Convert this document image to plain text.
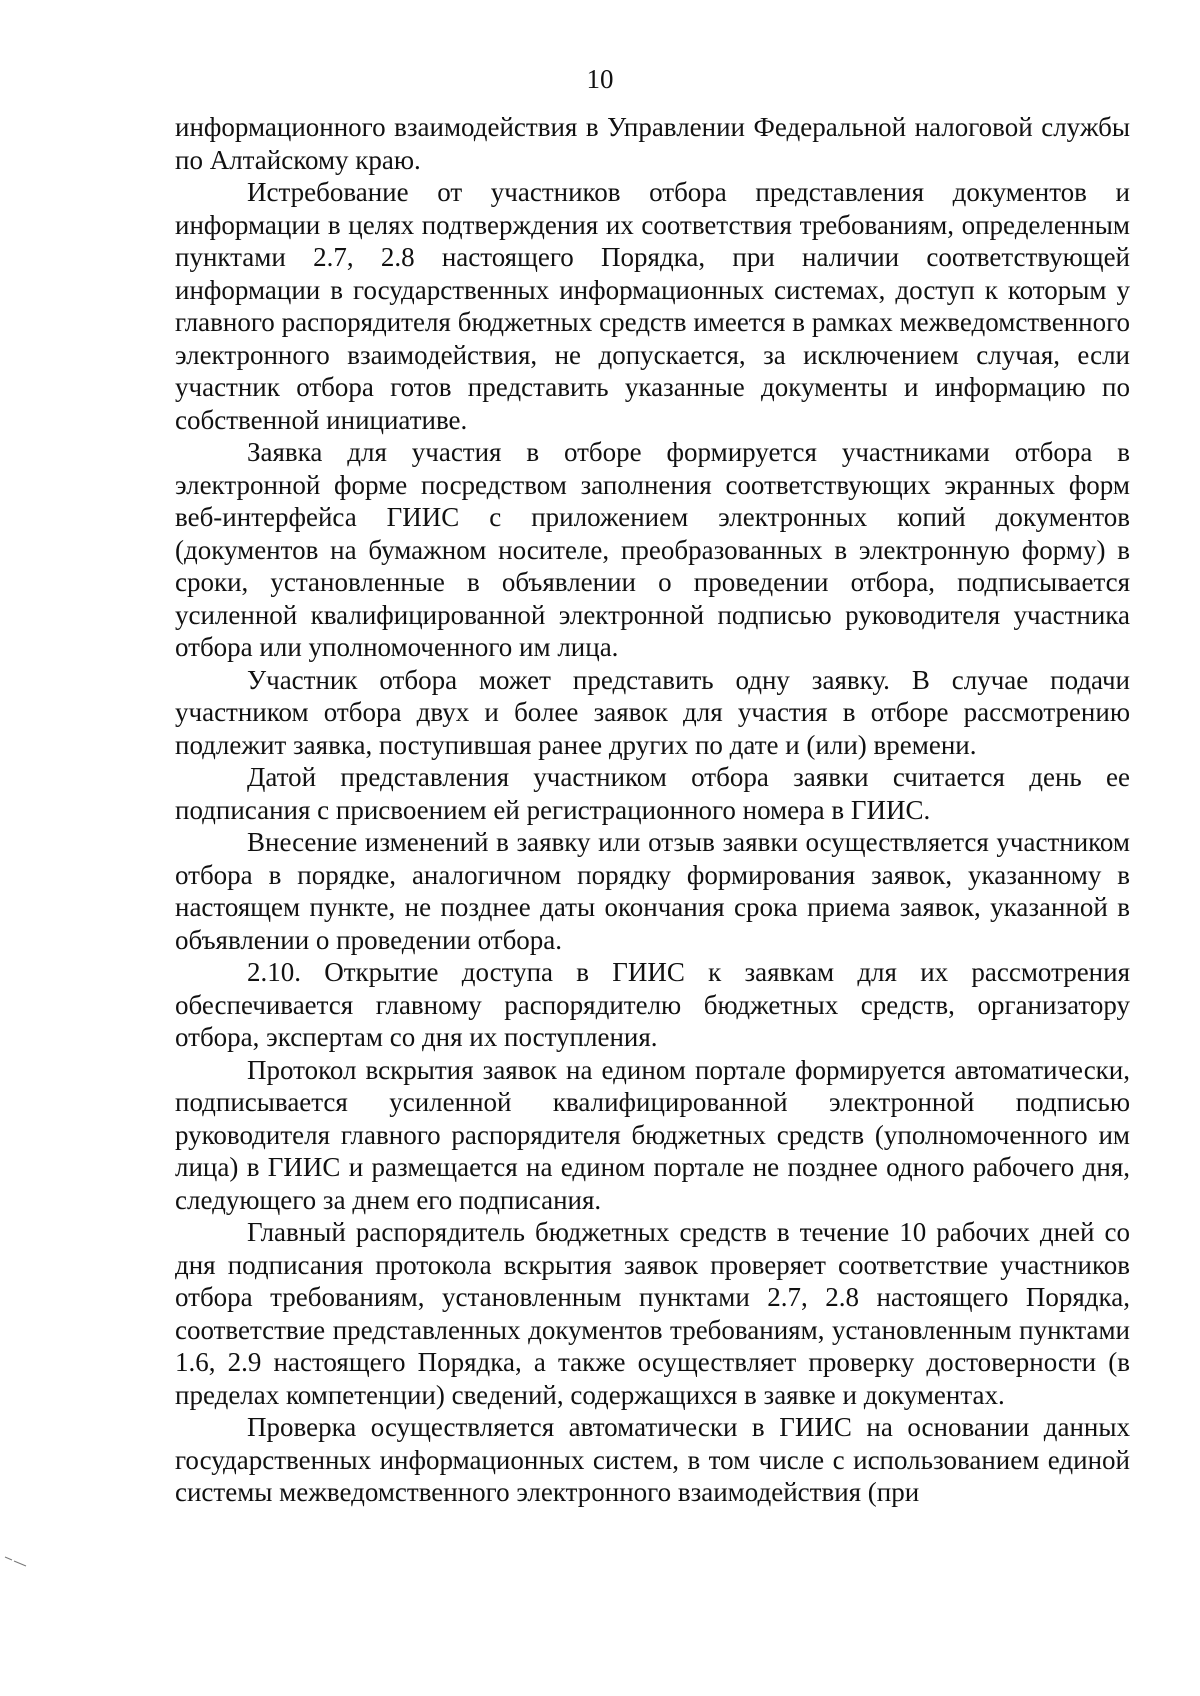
10

информационного взаимодействия в Управлении Федеральной налоговой службы по Алтайскому краю.

Истребование от участников отбора представления документов и информации в целях подтверждения их соответствия требованиям, определенным пунктами 2.7, 2.8 настоящего Порядка, при наличии соответствующей информации в государственных информационных системах, доступ к которым у главного распорядителя бюджетных средств имеется в рамках межведомственного электронного взаимодействия, не допускается, за исключением случая, если участник отбора готов представить указанные документы и информацию по собственной инициативе.

Заявка для участия в отборе формируется участниками отбора в электронной форме посредством заполнения соответствующих экранных форм веб-интерфейса ГИИС с приложением электронных копий документов (документов на бумажном носителе, преобразованных в электронную форму) в сроки, установленные в объявлении о проведении отбора, подписывается усиленной квалифицированной электронной подписью руководителя участника отбора или уполномоченного им лица.

Участник отбора может представить одну заявку. В случае подачи участником отбора двух и более заявок для участия в отборе рассмотрению подлежит заявка, поступившая ранее других по дате и (или) времени.

Датой представления участником отбора заявки считается день ее подписания с присвоением ей регистрационного номера в ГИИС.

Внесение изменений в заявку или отзыв заявки осуществляется участником отбора в порядке, аналогичном порядку формирования заявок, указанному в настоящем пункте, не позднее даты окончания срока приема заявок, указанной в объявлении о проведении отбора.

2.10. Открытие доступа в ГИИС к заявкам для их рассмотрения обеспечивается главному распорядителю бюджетных средств, организатору отбора, экспертам со дня их поступления.

Протокол вскрытия заявок на едином портале формируется автоматически, подписывается усиленной квалифицированной электронной подписью руководителя главного распорядителя бюджетных средств (уполномоченного им лица) в ГИИС и размещается на едином портале не позднее одного рабочего дня, следующего за днем его подписания.

Главный распорядитель бюджетных средств в течение 10 рабочих дней со дня подписания протокола вскрытия заявок проверяет соответствие участников отбора требованиям, установленным пунктами 2.7, 2.8 настоящего Порядка, соответствие представленных документов требованиям, установленным пунктами 1.6, 2.9 настоящего Порядка, а также осуществляет проверку достоверности (в пределах компетенции) сведений, содержащихся в заявке и документах.

Проверка осуществляется автоматически в ГИИС на основании данных государственных информационных систем, в том числе с использованием единой системы межведомственного электронного взаимодействия (при
